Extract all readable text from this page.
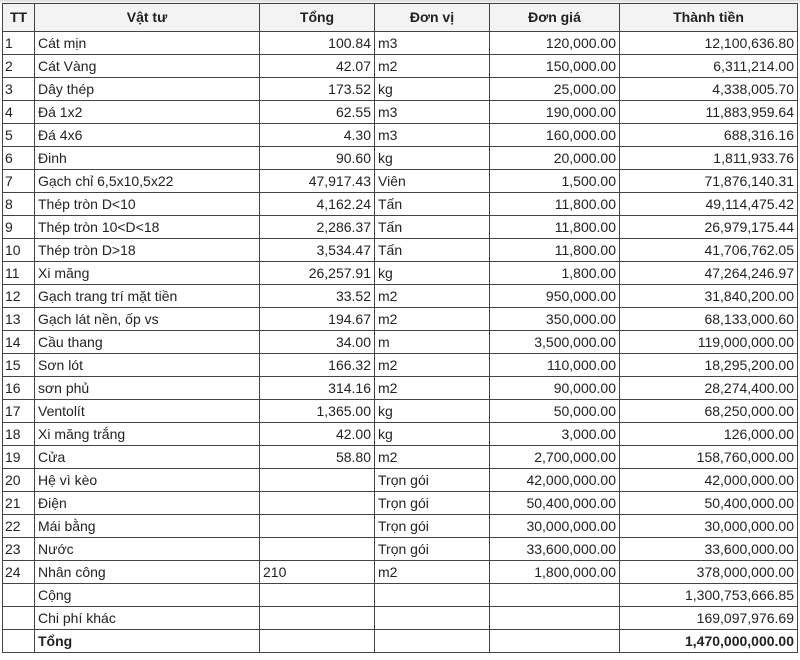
TT	Vật tư	Tổng	Đơn vị	Đơn giá	Thành tiền
1	Cát mịn	100.84	m3	120,000.00	12,100,636.80
2	Cát Vàng	42.07	m2	150,000.00	6,311,214.00
3	Dây thép	173.52	kg	25,000.00	4,338,005.70
4	Đá 1x2	62.55	m3	190,000.00	11,883,959.64
5	Đá 4x6	4.30	m3	160,000.00	688,316.16
6	Đinh	90.60	kg	20,000.00	1,811,933.76
7	Gạch chỉ 6,5x10,5x22	47,917.43	Viên	1,500.00	71,876,140.31
8	Thép tròn D<10	4,162.24	Tấn	11,800.00	49,114,475.42
9	Thép tròn 10<D<18	2,286.37	Tấn	11,800.00	26,979,175.44
10	Thép tròn D>18	3,534.47	Tấn	11,800.00	41,706,762.05
11	Xi măng	26,257.91	kg	1,800.00	47,264,246.97
12	Gạch trang trí mặt tiền	33.52	m2	950,000.00	31,840,200.00
13	Gạch lát nền, ốp vs	194.67	m2	350,000.00	68,133,000.60
14	Cầu thang	34.00	m	3,500,000.00	119,000,000.00
15	Sơn lót	166.32	m2	110,000.00	18,295,200.00
16	sơn phủ	314.16	m2	90,000.00	28,274,400.00
17	Ventolít	1,365.00	kg	50,000.00	68,250,000.00
18	Xi măng trắng	42.00	kg	3,000.00	126,000.00
19	Cửa	58.80	m2	2,700,000.00	158,760,000.00
20	Hệ vì kèo		Trọn gói	42,000,000.00	42,000,000.00
21	Điện		Trọn gói	50,400,000.00	50,400,000.00
22	Mái bằng		Trọn gói	30,000,000.00	30,000,000.00
23	Nước		Trọn gói	33,600,000.00	33,600,000.00
24	Nhân công	210	m2	1,800,000.00	378,000,000.00
	Cộng				1,300,753,666.85
	Chi phí khác				169,097,976.69
	Tổng				1,470,000,000.00
